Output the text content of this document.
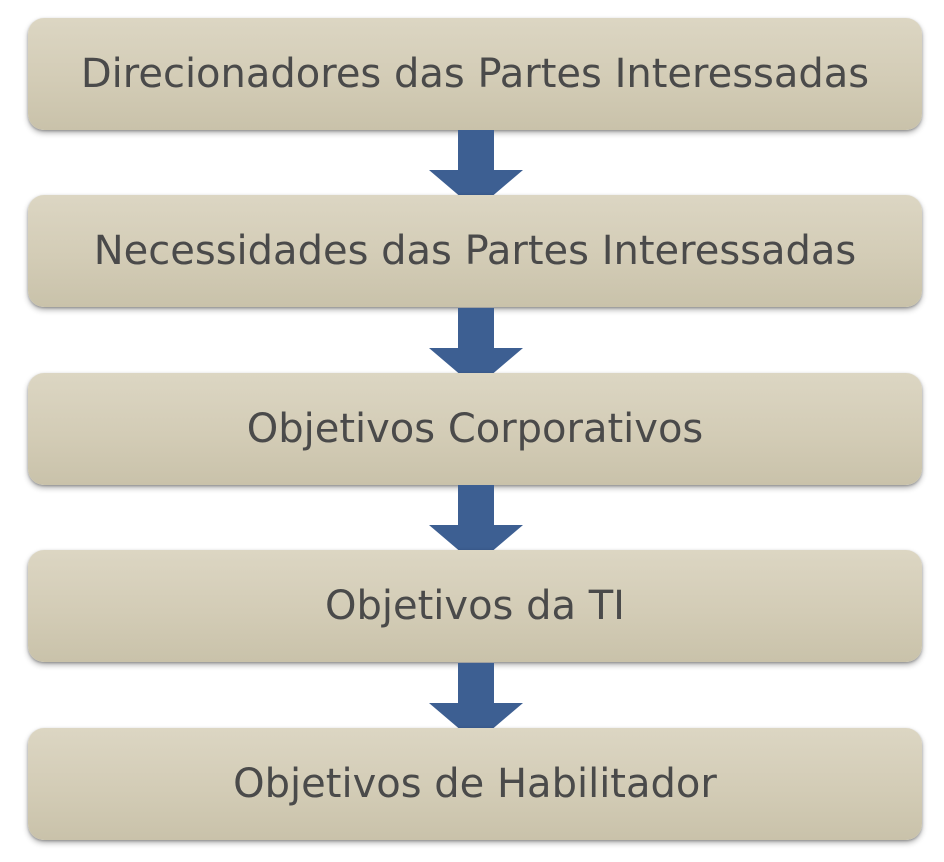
Direcionadores das Partes Interessadas
Necessidades das Partes Interessadas
Objetivos Corporativos
Objetivos da TI
Objetivos de Habilitador
